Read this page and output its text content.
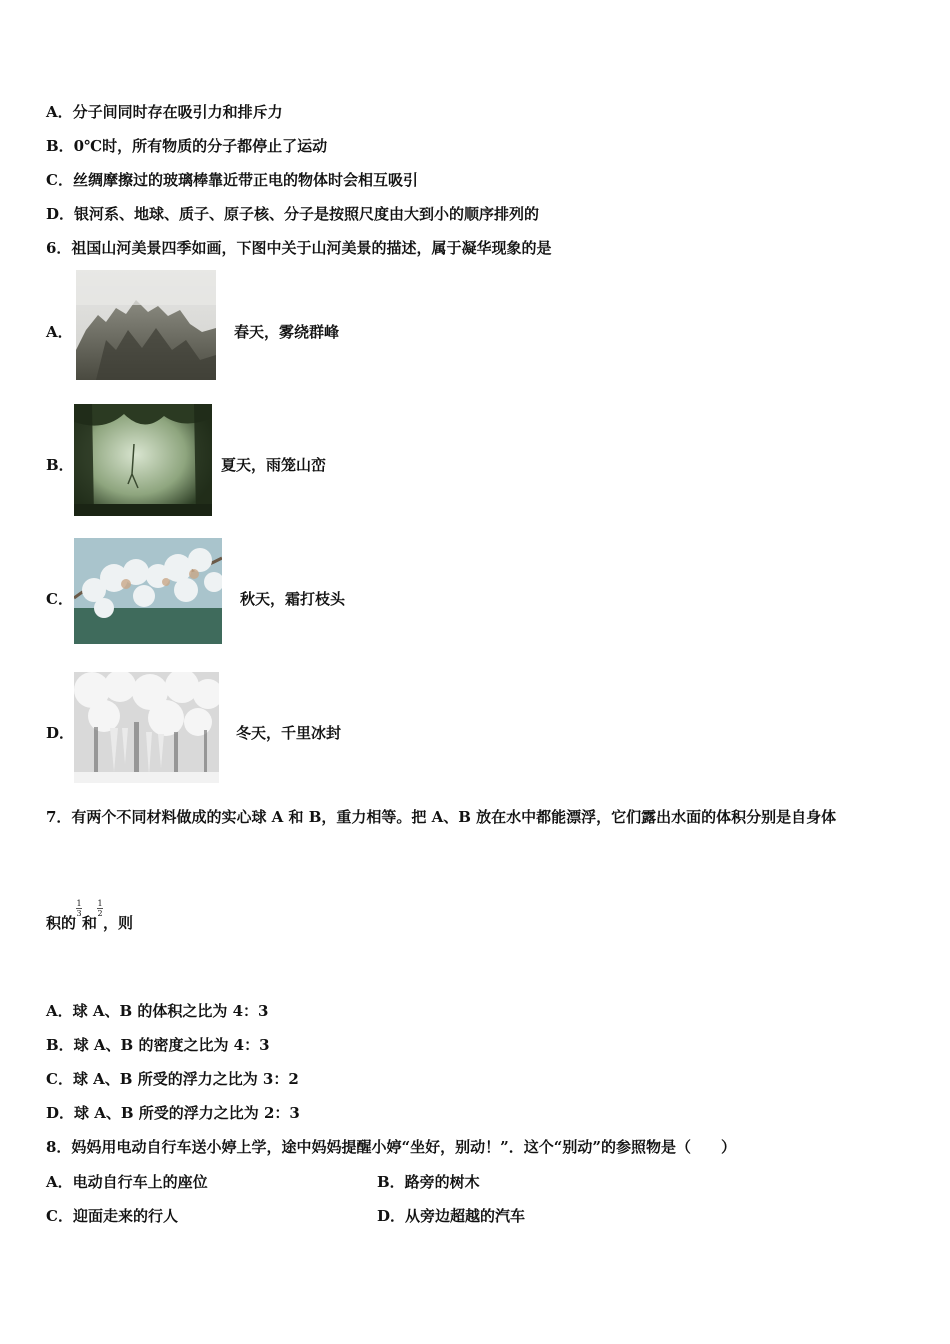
A．分子间同时存在吸引力和排斥力
B．0℃时，所有物质的分子都停止了运动
C．丝绸摩擦过的玻璃棒靠近带正电的物体时会相互吸引
D．银河系、地球、质子、原子核、分子是按照尺度由大到小的顺序排列的
6．祖国山河美景四季如画，下图中关于山河美景的描述，属于凝华现象的是
A．	春天，雾绕群峰
B．	夏天，雨笼山峦
C．	秋天，霜打枝头
D．	冬天，千里冰封
7．有两个不同材料做成的实心球 A 和 B，重力相等。把 A、B 放在水中都能漂浮，它们露出水面的体积分别是自身体
积的
$\frac{1}{3}$
和
$\frac{1}{2}$
，则
A．球 A、B 的体积之比为 4：3
B．球 A、B 的密度之比为 4：3
C．球 A、B 所受的浮力之比为 3：2
D．球 A、B 所受的浮力之比为 2：3
8．妈妈用电动自行车送小婷上学，途中妈妈提醒小婷“坐好，别动！”．这个“别动”的参照物是（　　）
A．电动自行车上的座位	B．路旁的树木
C．迎面走来的行人	D．从旁边超越的汽车
